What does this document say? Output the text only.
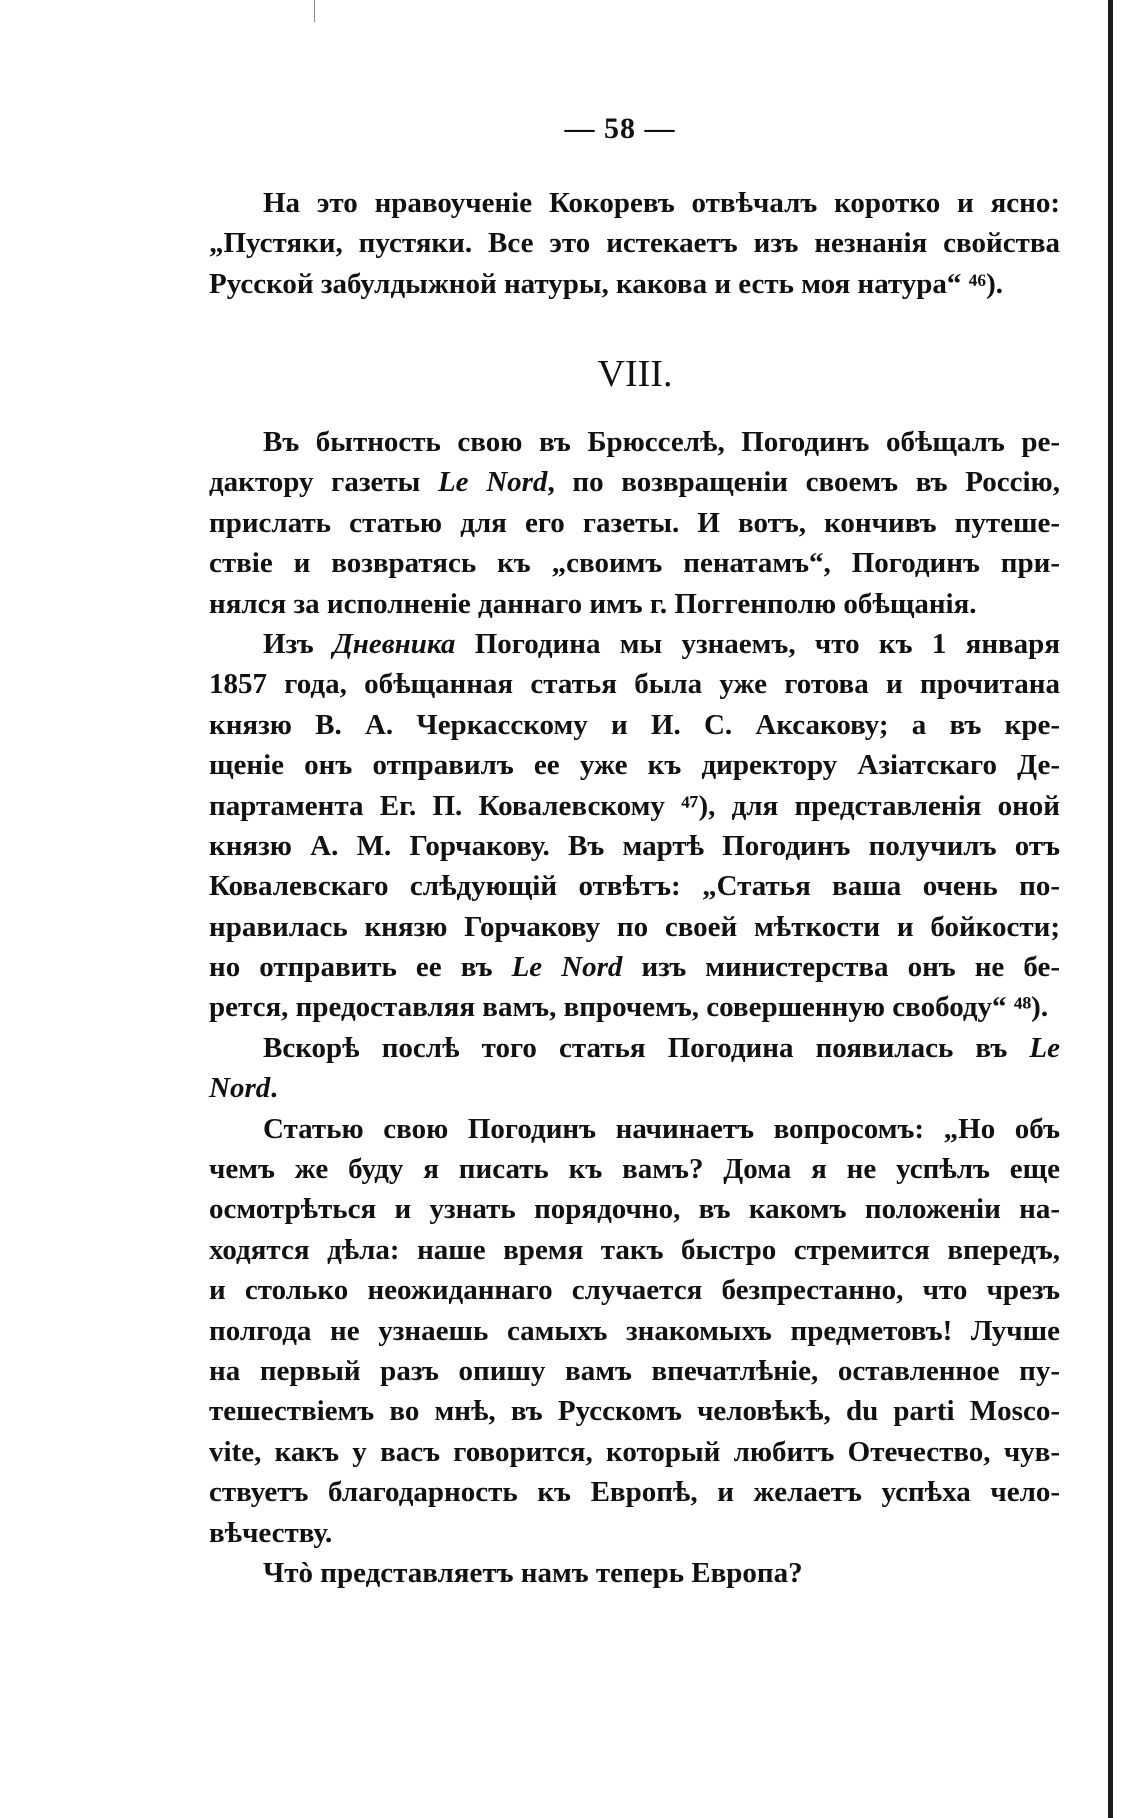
— 58 —
На это нравоученіе Кокоревъ отвѣчалъ коротко и ясно:
„Пустяки, пустяки. Все это истекаетъ изъ незнанія свойства
Русской забулдыжной натуры, какова и есть моя натура“ ⁴⁶).
VIII.
Въ бытность свою въ Брюсселѣ, Погодинъ обѣщалъ ре-
дактору газеты Le Nord, по возвращеніи своемъ въ Россію,
прислать статью для его газеты. И вотъ, кончивъ путеше-
ствіе и возвратясь къ „своимъ пенатамъ“, Погодинъ при-
нялся за исполненіе даннаго имъ г. Поггенполю обѣщанія.
Изъ Дневника Погодина мы узнаемъ, что къ 1 января
1857 года, обѣщанная статья была уже готова и прочитана
князю В. А. Черкасскому и И. С. Аксакову; а въ кре-
щеніе онъ отправилъ ее уже къ директору Азіатскаго Де-
партамента Ег. П. Ковалевскому ⁴⁷), для представленія оной
князю А. М. Горчакову. Въ мартѣ Погодинъ получилъ отъ
Ковалевскаго слѣдующій отвѣтъ: „Статья ваша очень по-
нравилась князю Горчакову по своей мѣткости и бойкости;
но отправить ее въ Le Nord изъ министерства онъ не бе-
рется, предоставляя вамъ, впрочемъ, совершенную свободу“ ⁴⁸).
Вскорѣ послѣ того статья Погодина появилась въ Le
Nord.
Статью свою Погодинъ начинаетъ вопросомъ: „Но объ
чемъ же буду я писать къ вамъ? Дома я не успѣлъ еще
осмотрѣться и узнать порядочно, въ какомъ положеніи на-
ходятся дѣла: наше время такъ быстро стремится впередъ,
и столько неожиданнаго случается безпрестанно, что чрезъ
полгода не узнаешь самыхъ знакомыхъ предметовъ! Лучше
на первый разъ опишу вамъ впечатлѣніе, оставленное пу-
тешествіемъ во мнѣ, въ Русскомъ человѣкѣ, du parti Mosco-
vite, какъ у васъ говорится, который любитъ Отечество, чув-
ствуетъ благодарность къ Европѣ, и желаетъ успѣха чело-
вѣчеству.
Чтò представляетъ намъ теперь Европа?
